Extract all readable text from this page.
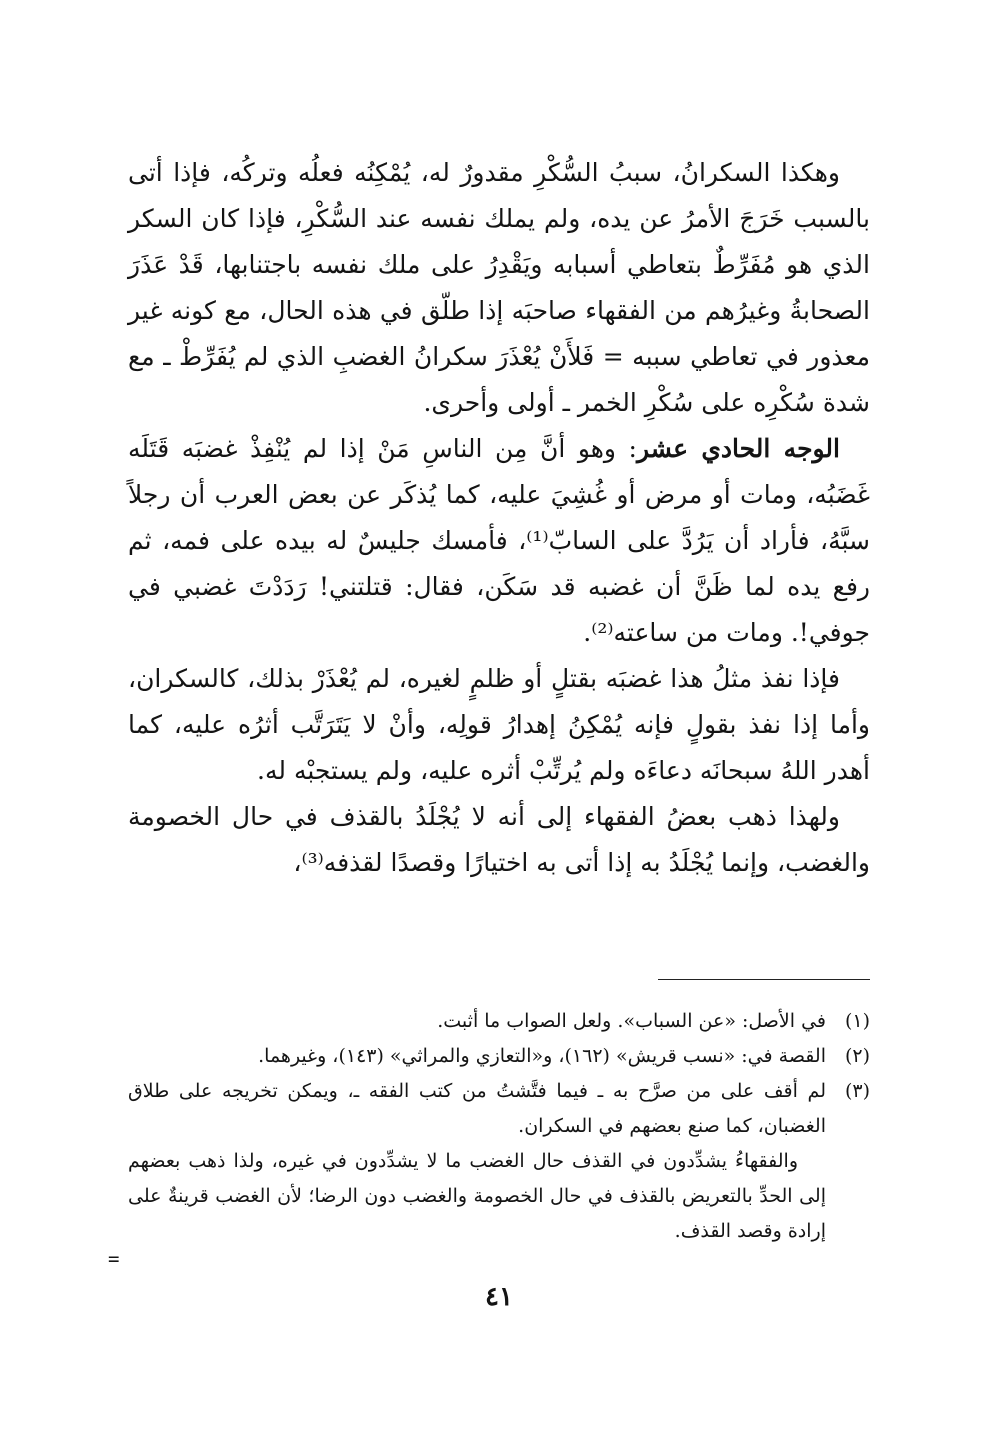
وهكذا السكرانُ، سببُ السُّكْرِ مقدورٌ له، يُمْكِنُه فعلُه وتركُه، فإذا أتى بالسبب خَرَجَ الأمرُ عن يده، ولم يملك نفسه عند السُّكْرِ، فإذا كان السكر الذي هو مُفَرِّطٌ بتعاطي أسبابه ويَقْدِرُ على ملك نفسه باجتنابها، قَدْ عَذَرَ الصحابةُ وغيرُهم من الفقهاء صاحبَه إذا طلّق في هذه الحال، مع كونه غير معذور في تعاطي سببه = فَلأَنْ يُعْذَرَ سكرانُ الغضبِ الذي لم يُفَرِّطْ ـ مع شدة سُكْرِه على سُكْرِ الخمر ـ أولى وأحرى.

الوجه الحادي عشر: وهو أنَّ مِن الناسِ مَنْ إذا لم يُنْفِذْ غضبَه قَتَلَه غَضَبُه، ومات أو مرض أو غُشِيَ عليه، كما يُذكَر عن بعض العرب أن رجلاً سبَّهُ، فأراد أن يَرُدَّ على السابّ⁽¹⁾، فأمسك جليسٌ له بيده على فمه، ثم رفع يده لما ظَنَّ أن غضبه قد سَكَن، فقال: قتلتني! رَدَدْتَ غضبي في جوفي!. ومات من ساعته⁽²⁾.

فإذا نفذ مثلُ هذا غضبَه بقتلٍ أو ظلمٍ لغيره، لم يُعْذَرْ بذلك، كالسكران، وأما إذا نفذ بقولٍ فإنه يُمْكِنُ إهدارُ قولِه، وأنْ لا يَتَرَتَّب أثرُه عليه، كما أهدر اللهُ سبحانَه دعاءَه ولم يُرتِّبْ أثره عليه، ولم يستجبْه له.

ولهذا ذهب بعضُ الفقهاء إلى أنه لا يُجْلَدُ بالقذف في حال الخصومة والغضب، وإنما يُجْلَدُ به إذا أتى به اختيارًا وقصدًا لقذفه⁽³⁾،

(١)
في الأصل: «عن السباب». ولعل الصواب ما أثبت.
(٢)
القصة في: «نسب قريش» (١٦٢)، و«التعازي والمراثي» (١٤٣)، وغيرهما.
(٣)
لم أقف على من صرَّح به ـ فيما فتَّشتُ من كتب الفقه ـ، ويمكن تخريجه على طلاق الغضبان، كما صنع بعضهم في السكران.
والفقهاءُ يشدِّدون في القذف حال الغضب ما لا يشدِّدون في غيره، ولذا ذهب بعضهم إلى الحدِّ بالتعريض بالقذف في حال الخصومة والغضب دون الرضا؛ لأن الغضب قرينةٌ على إرادة وقصد القذف.
=
٤١
